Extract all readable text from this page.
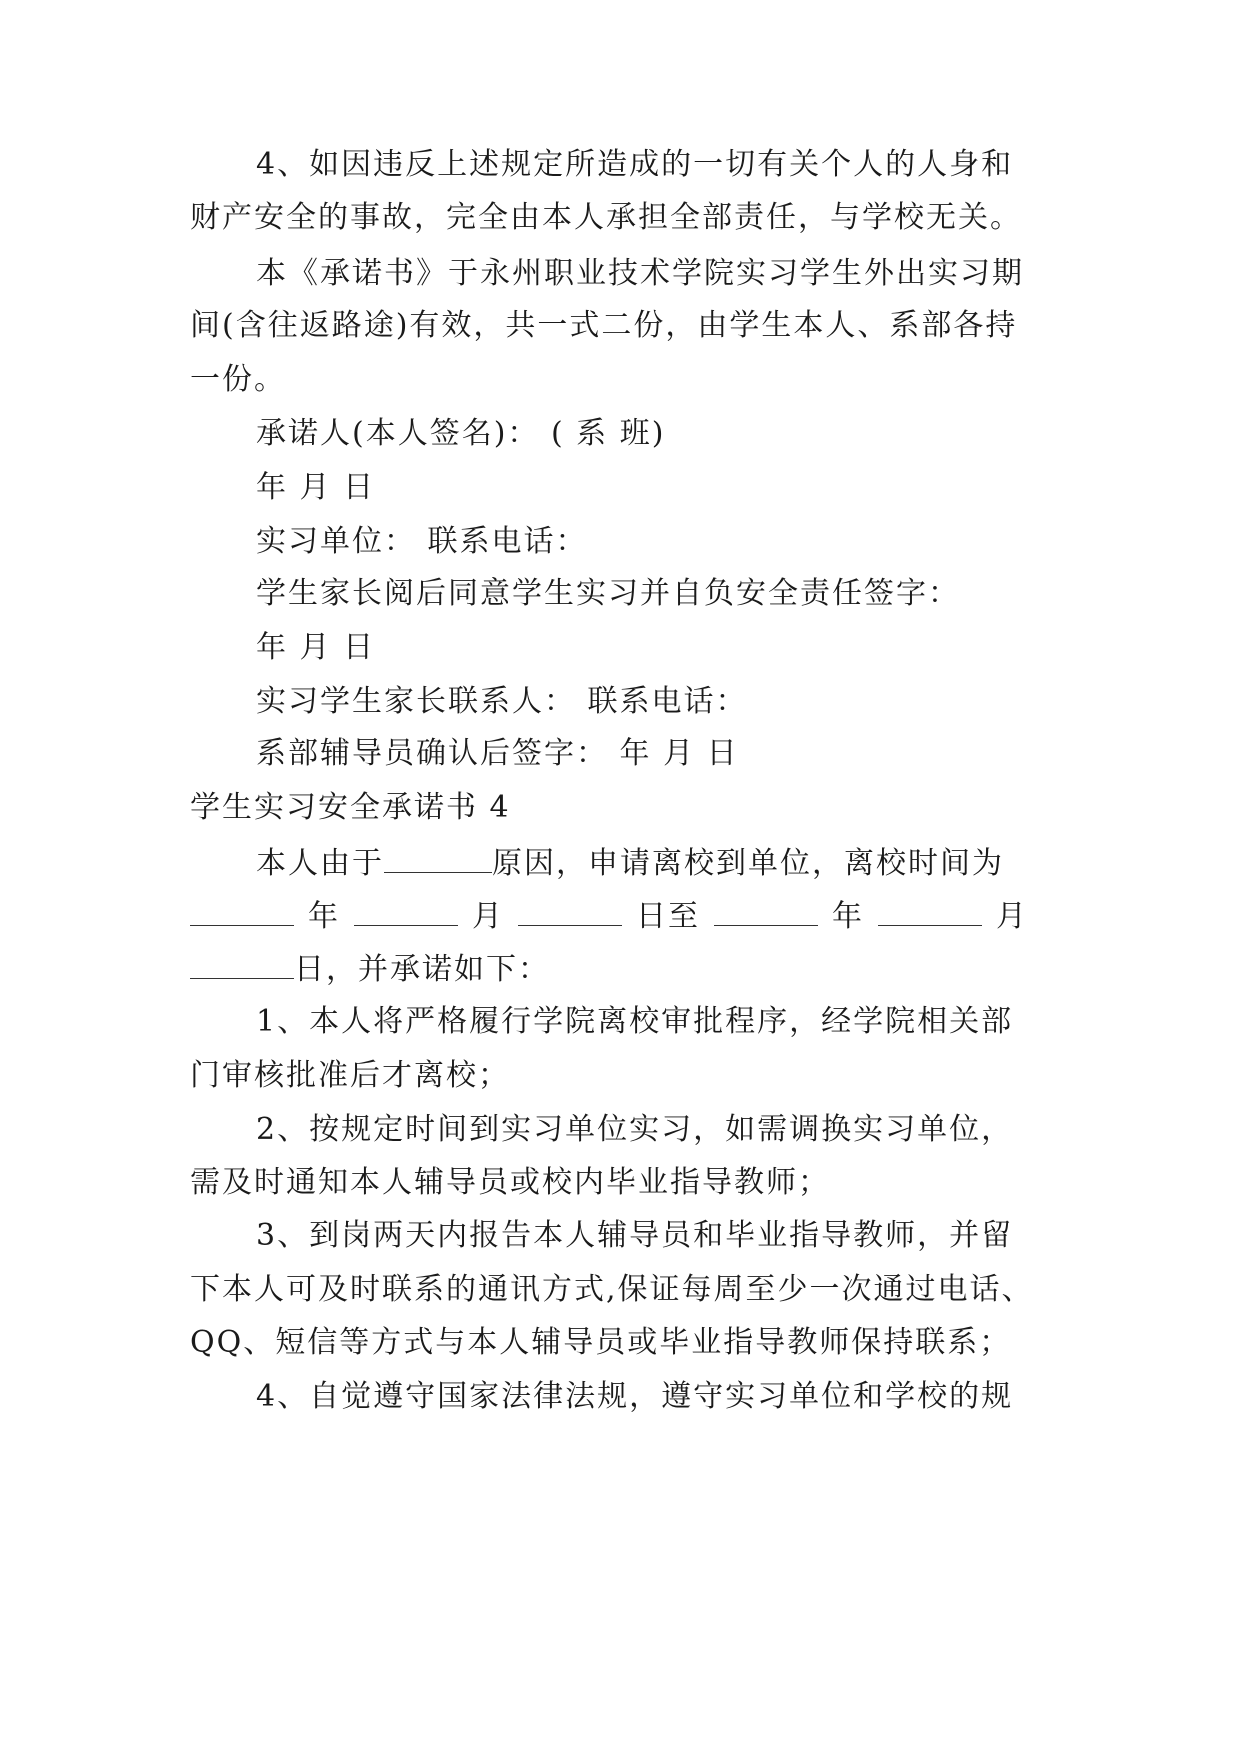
4、如因违反上述规定所造成的一切有关个人的人身和
财产安全的事故，完全由本人承担全部责任，与学校无关。
本《承诺书》于永州职业技术学院实习学生外出实习期
间(含往返路途)有效，共一式二份，由学生本人、系部各持
一份。
承诺人(本人签名)： ( 系 班)
年 月 日
实习单位： 联系电话：
学生家长阅后同意学生实习并自负安全责任签字：
年 月 日
实习学生家长联系人： 联系电话：
系部辅导员确认后签字： 年 月 日
学生实习安全承诺书 4
本人由于	原因，申请离校到单位，离校时间为
年	月	日至	年	月
日，并承诺如下：
1、本人将严格履行学院离校审批程序，经学院相关部
门审核批准后才离校；
2、按规定时间到实习单位实习，如需调换实习单位，
需及时通知本人辅导员或校内毕业指导教师；
3、到岗两天内报告本人辅导员和毕业指导教师，并留
下本人可及时联系的通讯方式,保证每周至少一次通过电话、
QQ、短信等方式与本人辅导员或毕业指导教师保持联系；
4、自觉遵守国家法律法规，遵守实习单位和学校的规
